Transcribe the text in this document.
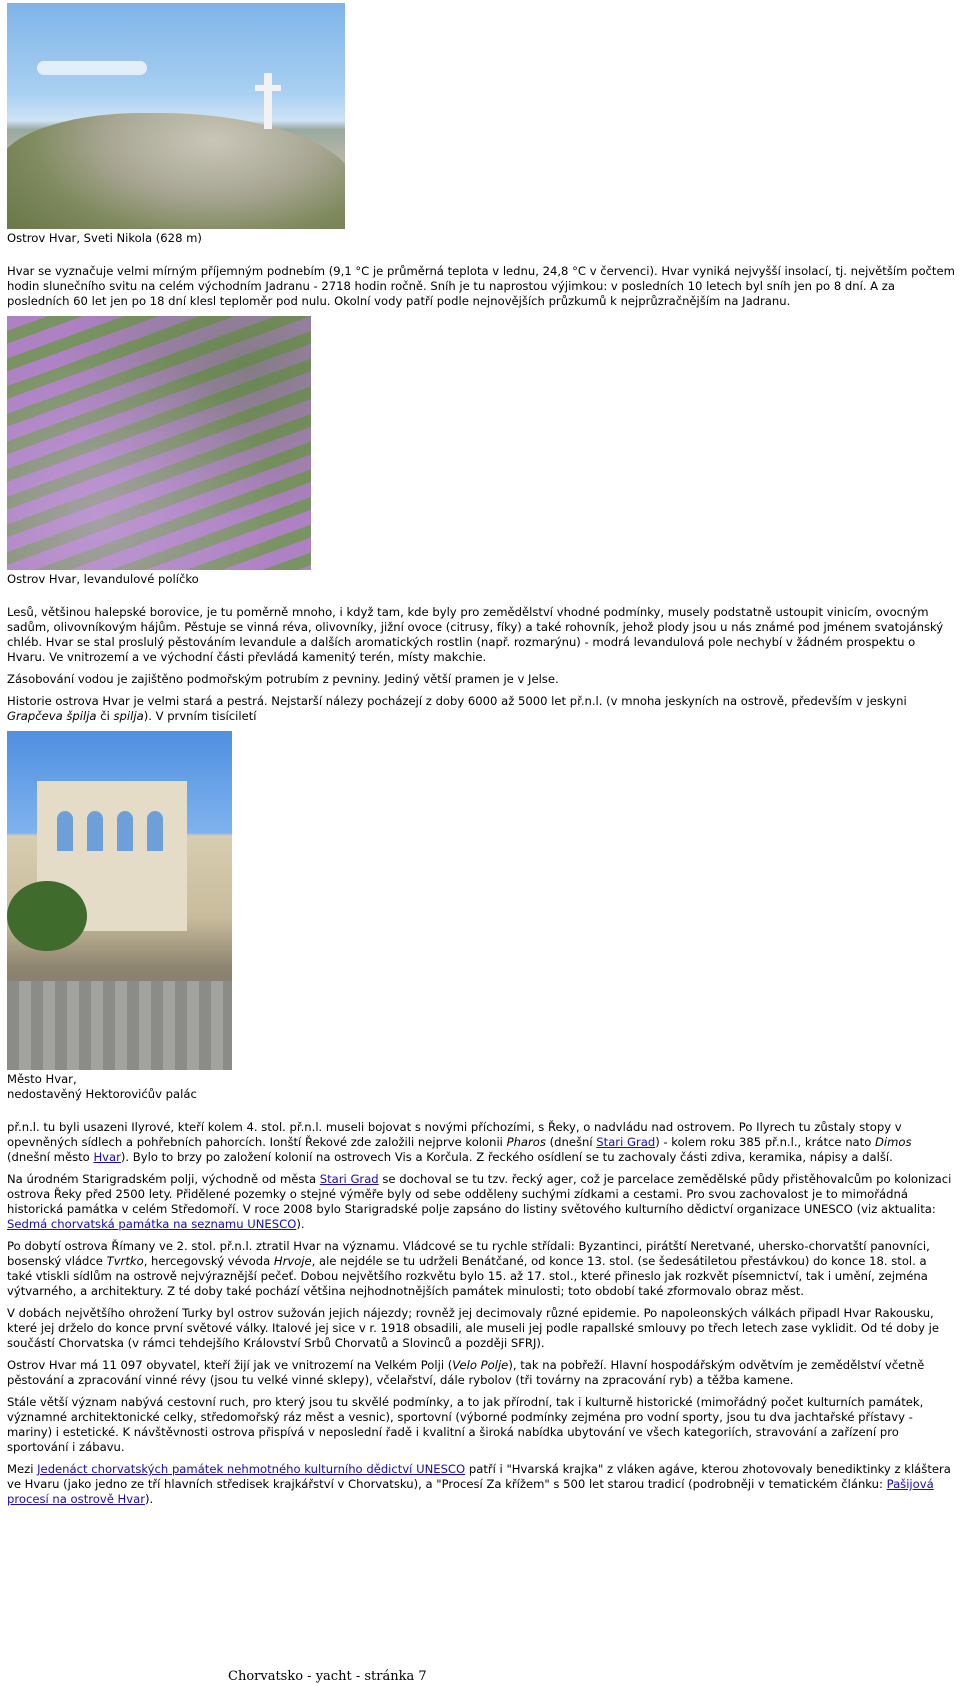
Ostrov Hvar, Sveti Nikola (628 m)

Hvar se vyznačuje velmi mírným příjemným podnebím (9,1 °C je průměrná teplota v lednu, 24,8 °C v červenci). Hvar vyniká nejvyšší insolací, tj. největším počtem hodin slunečního svitu na celém východním Jadranu - 2718 hodin ročně. Sníh je tu naprostou výjimkou: v posledních 10 letech byl sníh jen po 8 dní. A za posledních 60 let jen po 18 dní klesl teploměr pod nulu. Okolní vody patří podle nejnovějších průzkumů k nejprůzračnějším na Jadranu.

Ostrov Hvar, levandulové políčko

Lesů, většinou halepské borovice, je tu poměrně mnoho, i když tam, kde byly pro zemědělství vhodné podmínky, musely podstatně ustoupit vinicím, ovocným sadům, olivovníkovým hájům. Pěstuje se vinná réva, olivovníky, jižní ovoce (citrusy, fíky) a také rohovník, jehož plody jsou u nás známé pod jménem svatojánský chléb. Hvar se stal proslulý pěstováním levandule a dalších aromatických rostlin (např. rozmarýnu) - modrá levandulová pole nechybí v žádném prospektu o Hvaru. Ve vnitrozemí a ve východní části převládá kamenitý terén, místy makchie.

Zásobování vodou je zajištěno podmořským potrubím z pevniny. Jediný větší pramen je v Jelse.

Historie ostrova Hvar je velmi stará a pestrá. Nejstarší nálezy pocházejí z doby 6000 až 5000 let př.n.l. (v mnoha jeskyních na ostrově, především v jeskyni Grapčeva špilja či spilja). V prvním tisíciletí

Město Hvar,
nedostavěný Hektorovićův palác

př.n.l. tu byli usazeni Ilyrové, kteří kolem 4. stol. př.n.l. museli bojovat s novými příchozími, s Řeky, o nadvládu nad ostrovem. Po Ilyrech tu zůstaly stopy v opevněných sídlech a pohřebních pahorcích. Ionští Řekové zde založili nejprve kolonii Pharos (dnešní Stari Grad) - kolem roku 385 př.n.l., krátce nato Dimos (dnešní město Hvar). Bylo to brzy po založení kolonií na ostrovech Vis a Korčula. Z řeckého osídlení se tu zachovaly části zdiva, keramika, nápisy a další.

Na úrodném Starigradském polji, východně od města Stari Grad se dochoval se tu tzv. řecký ager, což je parcelace zemědělské půdy přistěhovalcům po kolonizaci ostrova Řeky před 2500 lety. Přidělené pozemky o stejné výměře byly od sebe odděleny suchými zídkami a cestami. Pro svou zachovalost je to mimořádná historická památka v celém Středomoří. V roce 2008 bylo Starigradské polje zapsáno do listiny světového kulturního dědictví organizace UNESCO (viz aktualita: Sedmá chorvatská památka na seznamu UNESCO).

Po dobytí ostrova Římany ve 2. stol. př.n.l. ztratil Hvar na významu. Vládcové se tu rychle střídali: Byzantinci, pirátští Neretvané, uhersko-chorvatští panovníci, bosenský vládce Tvrtko, hercegovský vévoda Hrvoje, ale nejdéle se tu udrželi Benátčané, od konce 13. stol. (se šedesátiletou přestávkou) do konce 18. stol. a také vtiskli sídlům na ostrově nejvýraznější pečeť. Dobou největšího rozkvětu bylo 15. až 17. stol., které přineslo jak rozkvět písemnictví, tak i umění, zejména výtvarného, a architektury. Z té doby také pochází většina nejhodnotnějších památek minulosti; toto období také zformovalo obraz měst.

V dobách největšího ohrožení Turky byl ostrov sužován jejich nájezdy; rovněž jej decimovaly různé epidemie. Po napoleonských válkách připadl Hvar Rakousku, které jej drželo do konce první světové války. Italové jej sice v r. 1918 obsadili, ale museli jej podle rapallské smlouvy po třech letech zase vyklidit. Od té doby je součástí Chorvatska (v rámci tehdejšího Království Srbů Chorvatů a Slovinců a později SFRJ).

Ostrov Hvar má 11 097 obyvatel, kteří žijí jak ve vnitrozemí na Velkém Polji (Velo Polje), tak na pobřeží. Hlavní hospodářským odvětvím je zemědělství včetně pěstování a zpracování vinné révy (jsou tu velké vinné sklepy), včelařství, dále rybolov (tři továrny na zpracování ryb) a těžba kamene.

Stále větší význam nabývá cestovní ruch, pro který jsou tu skvělé podmínky, a to jak přírodní, tak i kulturně historické (mimořádný počet kulturních památek, významné architektonické celky, středomořský ráz měst a vesnic), sportovní (výborné podmínky zejména pro vodní sporty, jsou tu dva jachtařské přístavy - mariny) i estetické. K návštěvnosti ostrova přispívá v neposlední řadě i kvalitní a široká nabídka ubytování ve všech kategoriích, stravování a zařízení pro sportování i zábavu.

Mezi Jedenáct chorvatských památek nehmotného kulturního dědictví UNESCO patří i "Hvarská krajka" z vláken agáve, kterou zhotovovaly benediktinky z kláštera ve Hvaru (jako jedno ze tří hlavních středisek krajkářství v Chorvatsku), a "Procesí Za křížem" s 500 let starou tradicí (podrobněji v tematickém článku: Pašijová procesí na ostrově Hvar).

Chorvatsko - yacht - stránka 7
